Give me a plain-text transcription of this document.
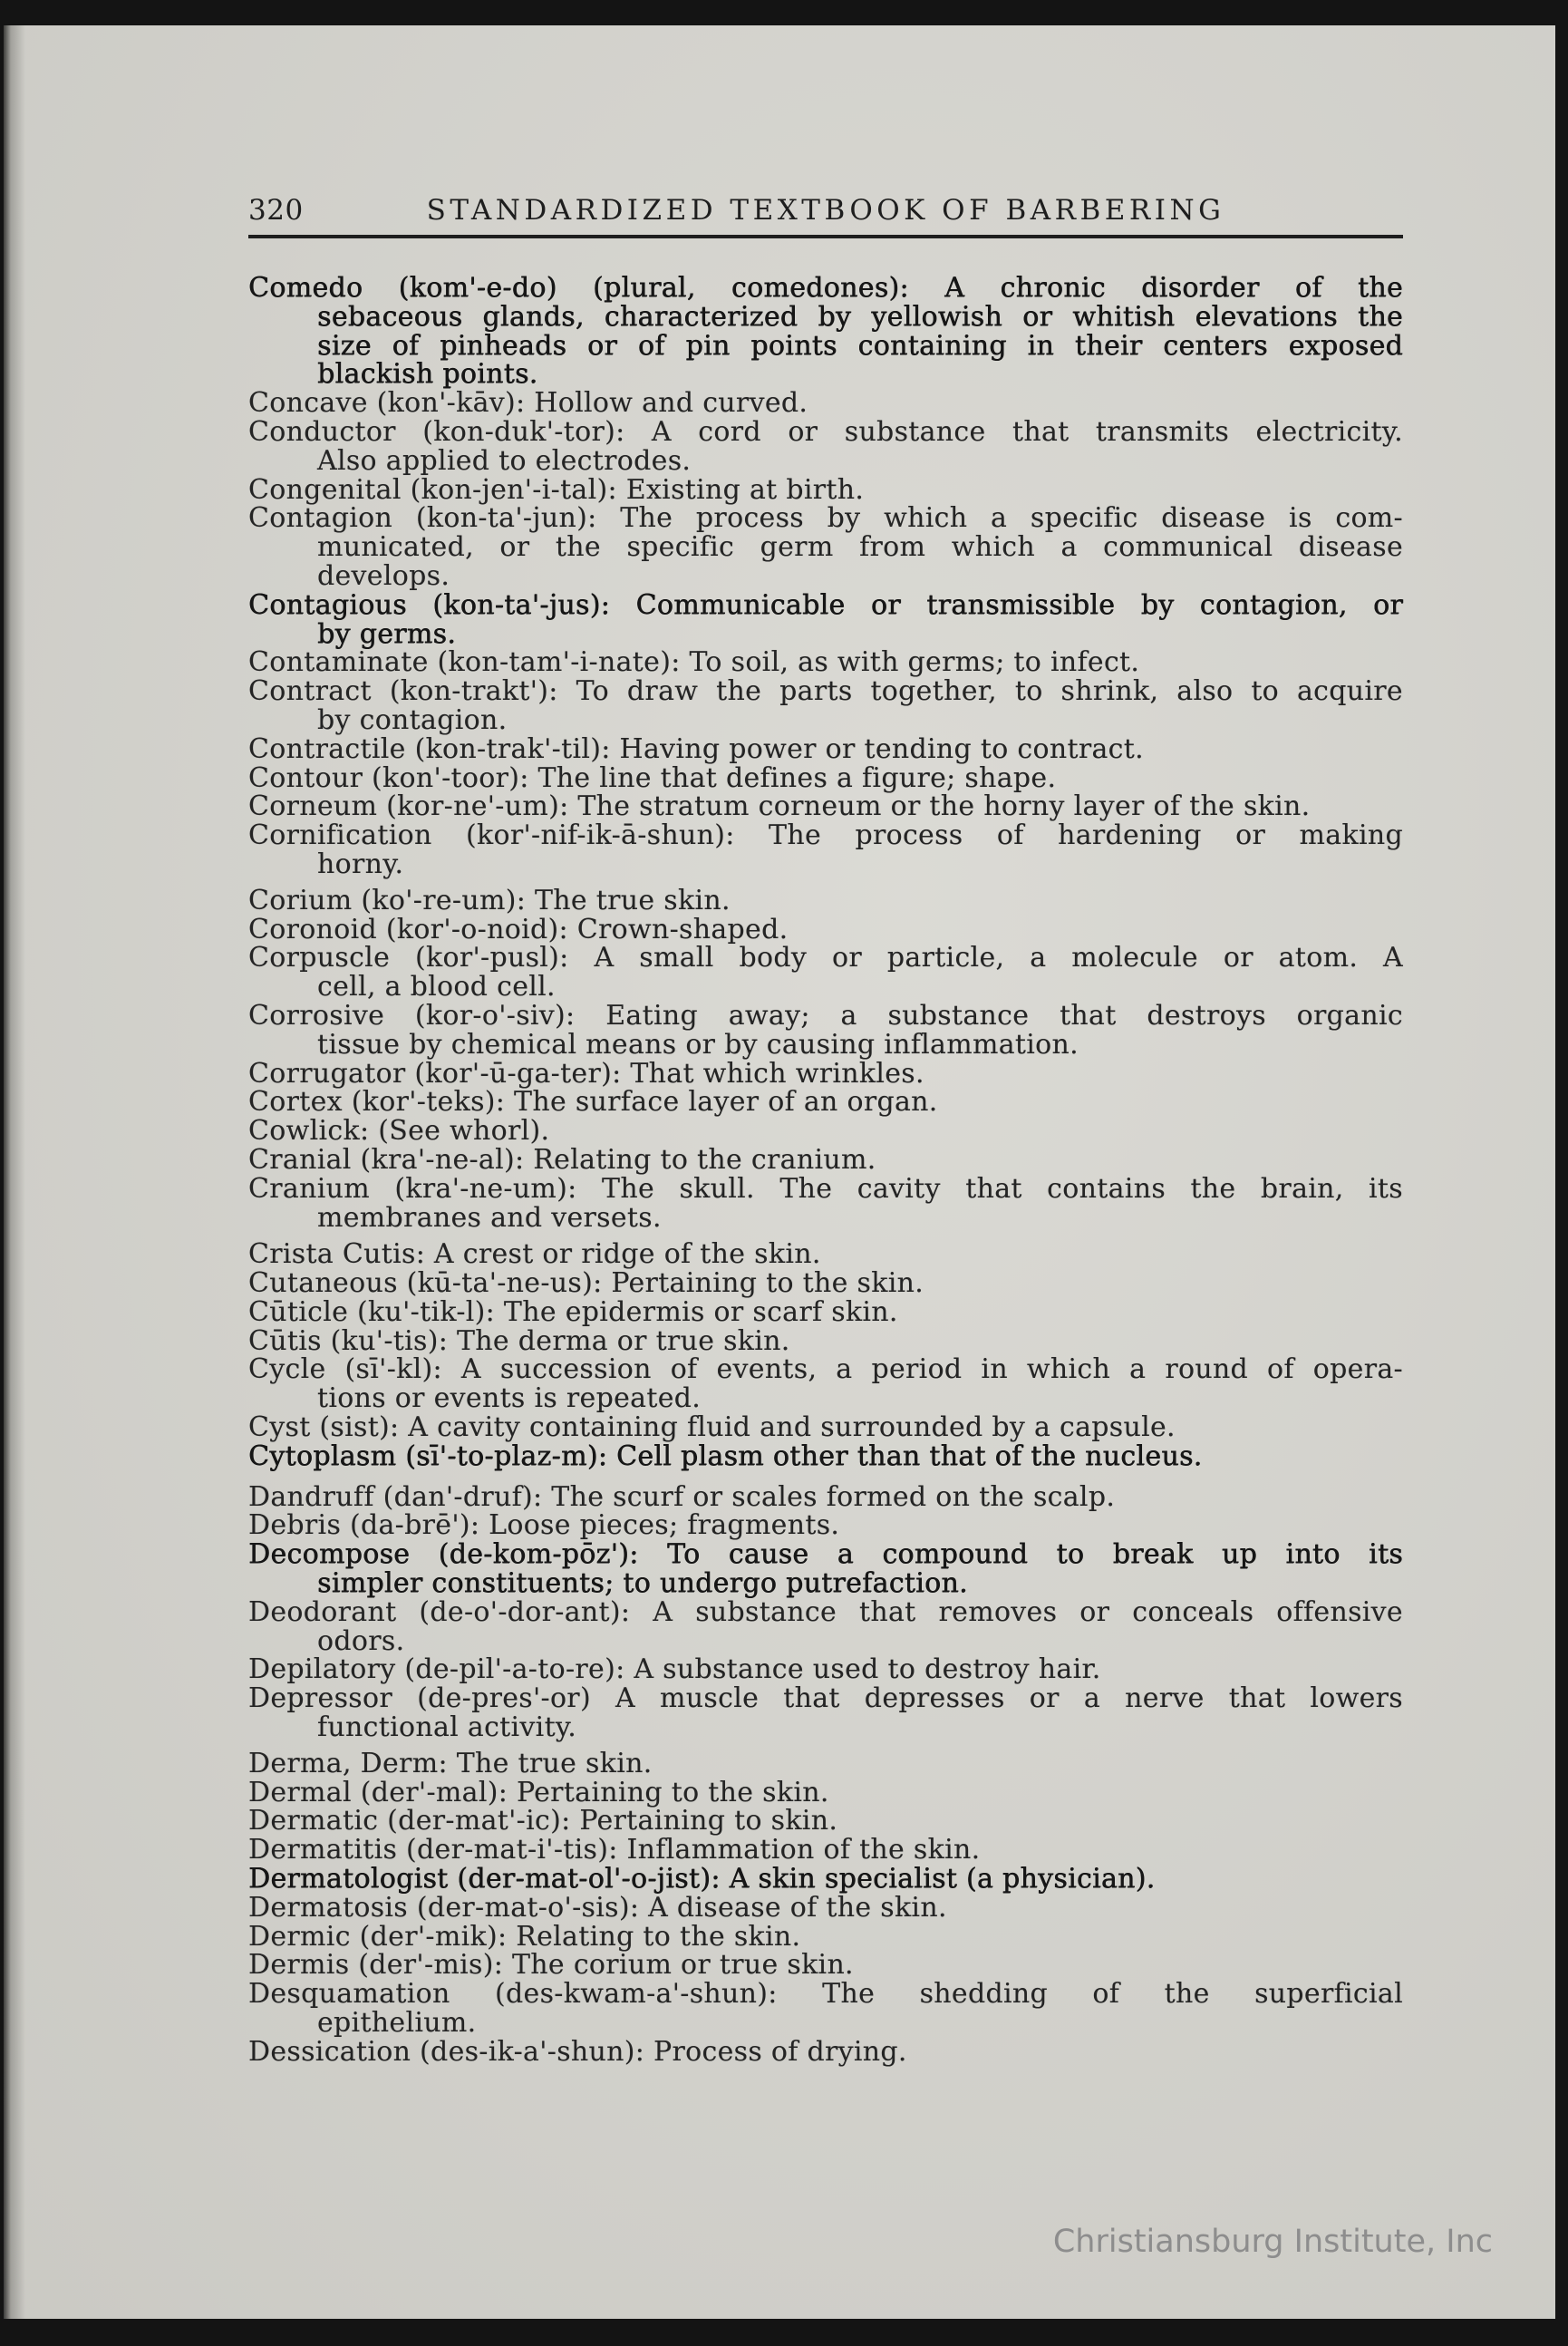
320	STANDARDIZED TEXTBOOK OF BARBERING
Comedo (kom'-e-do) (plural, comedones): A chronic disorder of the
sebaceous glands, characterized by yellowish or whitish elevations the
size of pinheads or of pin points containing in their centers exposed
blackish points.
Concave (kon'-kāv): Hollow and curved.
Conductor (kon-duk'-tor): A cord or substance that transmits electricity.
Also applied to electrodes.
Congenital (kon-jen'-i-tal): Existing at birth.
Contagion (kon-ta'-jun): The process by which a specific disease is com-
municated, or the specific germ from which a communical disease
develops.
Contagious (kon-ta'-jus): Communicable or transmissible by contagion, or
by germs.
Contaminate (kon-tam'-i-nate): To soil, as with germs; to infect.
Contract (kon-trakt'): To draw the parts together, to shrink, also to acquire
by contagion.
Contractile (kon-trak'-til): Having power or tending to contract.
Contour (kon'-toor): The line that defines a figure; shape.
Corneum (kor-ne'-um): The stratum corneum or the horny layer of the skin.
Cornification (kor'-nif-ik-ā-shun): The process of hardening or making
horny.
Corium (ko'-re-um): The true skin.
Coronoid (kor'-o-noid): Crown-shaped.
Corpuscle (kor'-pusl): A small body or particle, a molecule or atom. A
cell, a blood cell.
Corrosive (kor-o'-siv): Eating away; a substance that destroys organic
tissue by chemical means or by causing inflammation.
Corrugator (kor'-ū-ga-ter): That which wrinkles.
Cortex (kor'-teks): The surface layer of an organ.
Cowlick: (See whorl).
Cranial (kra'-ne-al): Relating to the cranium.
Cranium (kra'-ne-um): The skull. The cavity that contains the brain, its
membranes and versets.
Crista Cutis: A crest or ridge of the skin.
Cutaneous (kū-ta'-ne-us): Pertaining to the skin.
Cūticle (ku'-tik-l): The epidermis or scarf skin.
Cūtis (ku'-tis): The derma or true skin.
Cycle (sī'-kl): A succession of events, a period in which a round of opera-
tions or events is repeated.
Cyst (sist): A cavity containing fluid and surrounded by a capsule.
Cytoplasm (sī'-to-plaz-m): Cell plasm other than that of the nucleus.
Dandruff (dan'-druf): The scurf or scales formed on the scalp.
Debris (da-brē'): Loose pieces; fragments.
Decompose (de-kom-pōz'): To cause a compound to break up into its
simpler constituents; to undergo putrefaction.
Deodorant (de-o'-dor-ant): A substance that removes or conceals offensive
odors.
Depilatory (de-pil'-a-to-re): A substance used to destroy hair.
Depressor (de-pres'-or) A muscle that depresses or a nerve that lowers
functional activity.
Derma, Derm: The true skin.
Dermal (der'-mal): Pertaining to the skin.
Dermatic (der-mat'-ic): Pertaining to skin.
Dermatitis (der-mat-i'-tis): Inflammation of the skin.
Dermatologist (der-mat-ol'-o-jist): A skin specialist (a physician).
Dermatosis (der-mat-o'-sis): A disease of the skin.
Dermic (der'-mik): Relating to the skin.
Dermis (der'-mis): The corium or true skin.
Desquamation (des-kwam-a'-shun): The shedding of the superficial
epithelium.
Dessication (des-ik-a'-shun): Process of drying.
Christiansburg Institute, Inc
